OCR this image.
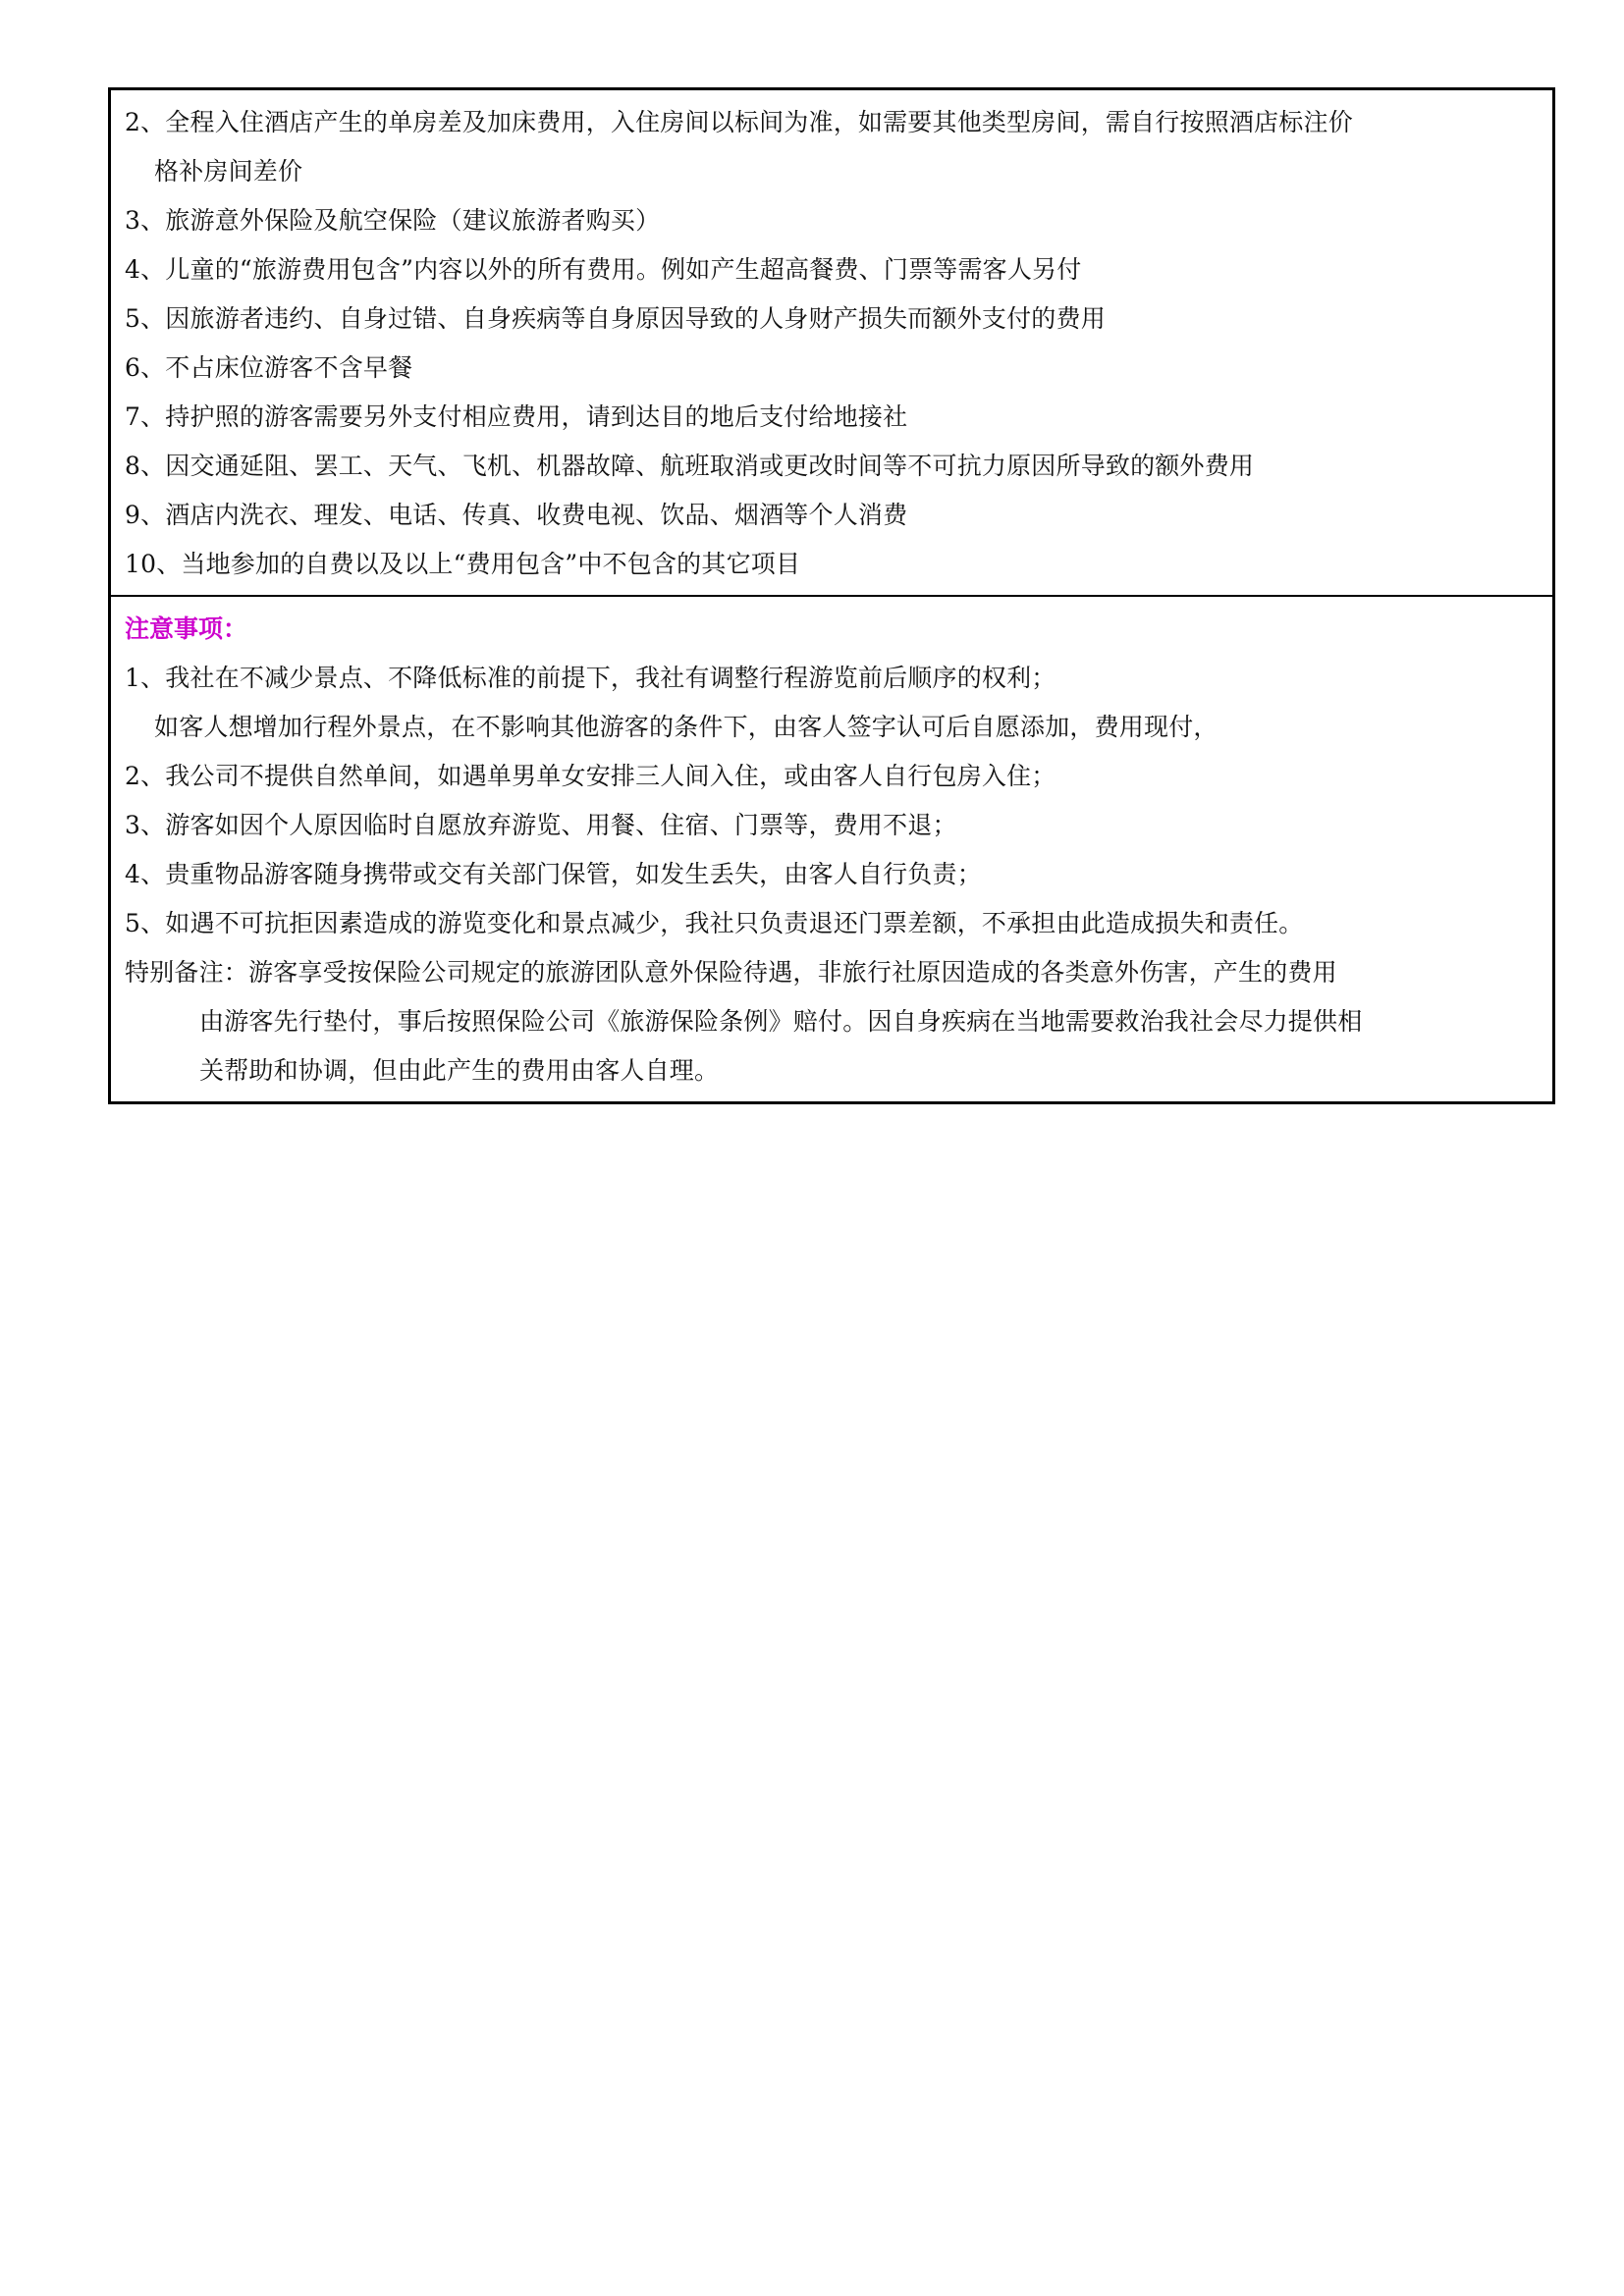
2、全程入住酒店产生的单房差及加床费用，入住房间以标间为准，如需要其他类型房间，需自行按照酒店标注价
格补房间差价
3、旅游意外保险及航空保险（建议旅游者购买）
4、儿童的“旅游费用包含”内容以外的所有费用。例如产生超高餐费、门票等需客人另付
5、因旅游者违约、自身过错、自身疾病等自身原因导致的人身财产损失而额外支付的费用
6、不占床位游客不含早餐
7、持护照的游客需要另外支付相应费用，请到达目的地后支付给地接社
8、因交通延阻、罢工、天气、飞机、机器故障、航班取消或更改时间等不可抗力原因所导致的额外费用
9、酒店内洗衣、理发、电话、传真、收费电视、饮品、烟酒等个人消费
10、当地参加的自费以及以上“费用包含”中不包含的其它项目
注意事项：
1、我社在不减少景点、不降低标准的前提下，我社有调整行程游览前后顺序的权利；
如客人想增加行程外景点，在不影响其他游客的条件下，由客人签字认可后自愿添加，费用现付，
2、我公司不提供自然单间，如遇单男单女安排三人间入住，或由客人自行包房入住；
3、游客如因个人原因临时自愿放弃游览、用餐、住宿、门票等，费用不退；
4、贵重物品游客随身携带或交有关部门保管，如发生丢失，由客人自行负责；
5、如遇不可抗拒因素造成的游览变化和景点减少，我社只负责退还门票差额，不承担由此造成损失和责任。
特别备注：游客享受按保险公司规定的旅游团队意外保险待遇，非旅行社原因造成的各类意外伤害，产生的费用
由游客先行垫付，事后按照保险公司《旅游保险条例》赔付。因自身疾病在当地需要救治我社会尽力提供相
关帮助和协调，但由此产生的费用由客人自理。
